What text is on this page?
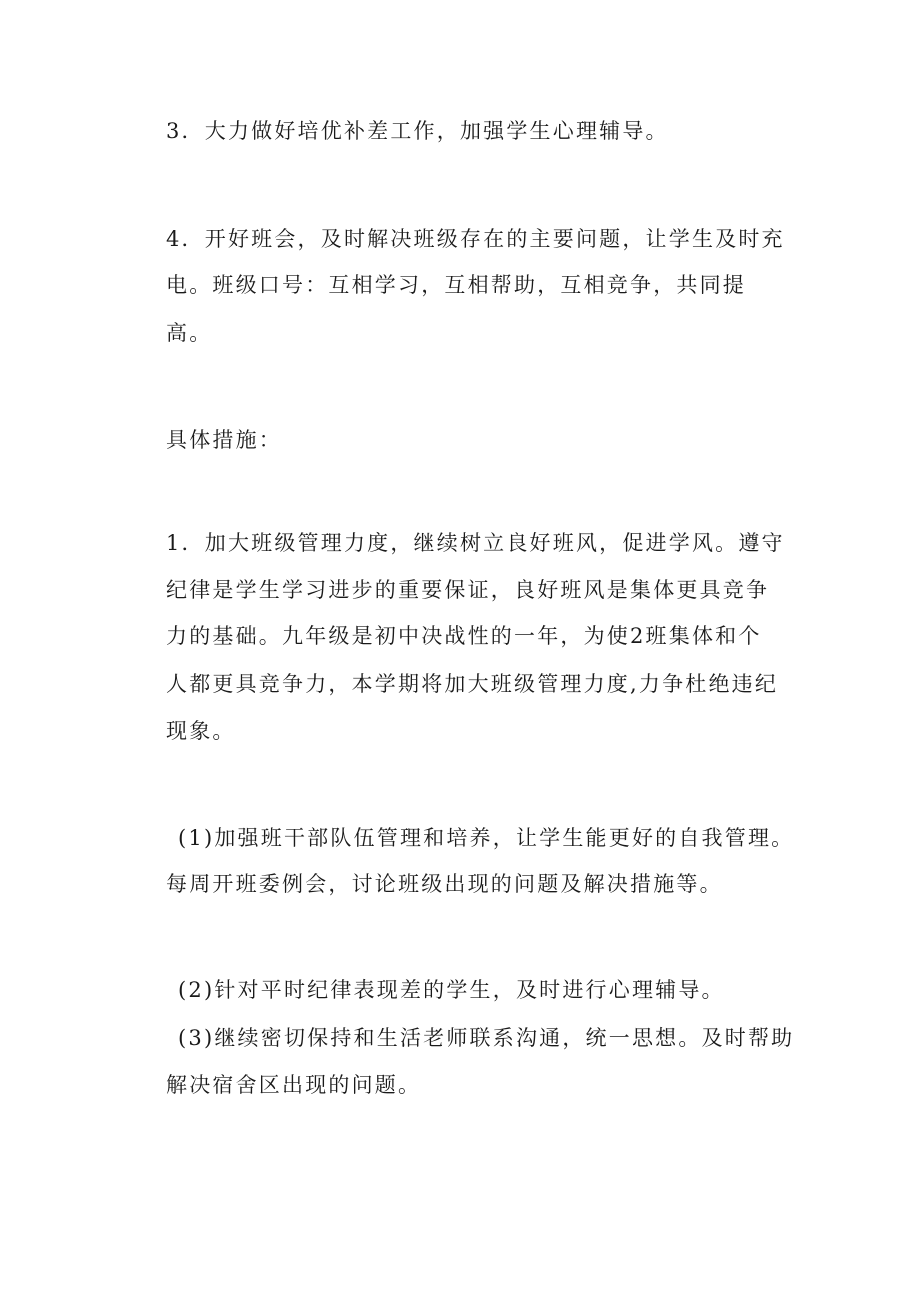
3．大力做好培优补差工作，加强学生心理辅导。

4．开好班会，及时解决班级存在的主要问题，让学生及时充

电。班级口号：互相学习，互相帮助，互相竞争，共同提

高。

具体措施：

1．加大班级管理力度，继续树立良好班风，促进学风。遵守

纪律是学生学习进步的重要保证，良好班风是集体更具竞争

力的基础。九年级是初中决战性的一年，为使2班集体和个

人都更具竞争力，本学期将加大班级管理力度,力争杜绝违纪

现象。

(1)加强班干部队伍管理和培养，让学生能更好的自我管理。

每周开班委例会，讨论班级出现的问题及解决措施等。

(2)针对平时纪律表现差的学生，及时进行心理辅导。

(3)继续密切保持和生活老师联系沟通，统一思想。及时帮助

解决宿舍区出现的问题。
